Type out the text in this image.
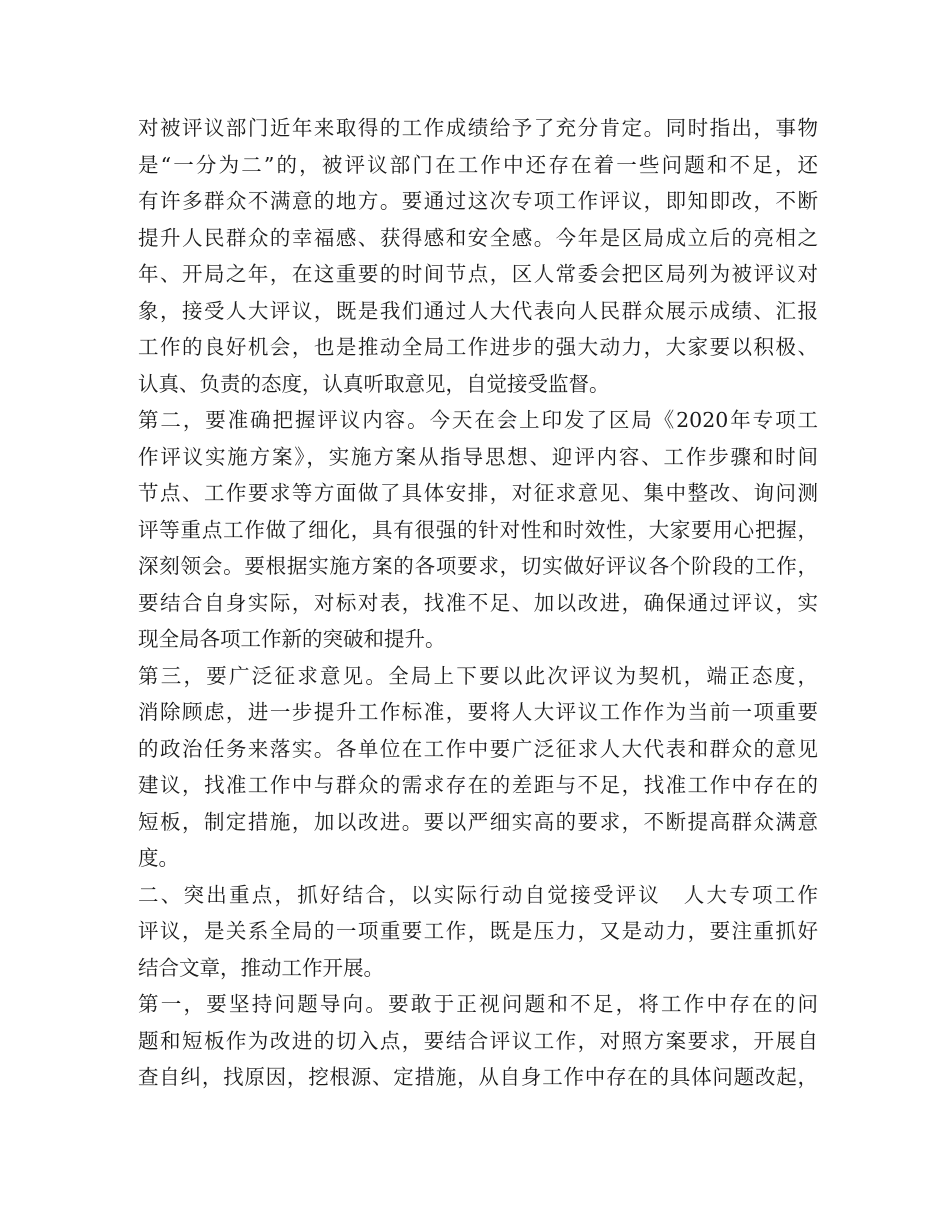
对被评议部门近年来取得的工作成绩给予了充分肯定。同时指出，事物

是“一分为二”的，被评议部门在工作中还存在着一些问题和不足，还

有许多群众不满意的地方。要通过这次专项工作评议，即知即改，不断

提升人民群众的幸福感、获得感和安全感。今年是区局成立后的亮相之

年、开局之年，在这重要的时间节点，区人常委会把区局列为被评议对

象，接受人大评议，既是我们通过人大代表向人民群众展示成绩、汇报

工作的良好机会，也是推动全局工作进步的强大动力，大家要以积极、

认真、负责的态度，认真听取意见，自觉接受监督。

第二，要准确把握评议内容。今天在会上印发了区局《2020年专项工

作评议实施方案》，实施方案从指导思想、迎评内容、工作步骤和时间

节点、工作要求等方面做了具体安排，对征求意见、集中整改、询问测

评等重点工作做了细化，具有很强的针对性和时效性，大家要用心把握，

深刻领会。要根据实施方案的各项要求，切实做好评议各个阶段的工作，

要结合自身实际，对标对表，找准不足、加以改进，确保通过评议，实

现全局各项工作新的突破和提升。

第三，要广泛征求意见。全局上下要以此次评议为契机，端正态度，

消除顾虑，进一步提升工作标准，要将人大评议工作作为当前一项重要

的政治任务来落实。各单位在工作中要广泛征求人大代表和群众的意见

建议，找准工作中与群众的需求存在的差距与不足，找准工作中存在的

短板，制定措施，加以改进。要以严细实高的要求，不断提高群众满意

度。

二、突出重点，抓好结合，以实际行动自觉接受评议　人大专项工作

评议，是关系全局的一项重要工作，既是压力，又是动力，要注重抓好

结合文章，推动工作开展。

第一，要坚持问题导向。要敢于正视问题和不足，将工作中存在的问

题和短板作为改进的切入点，要结合评议工作，对照方案要求，开展自

查自纠，找原因，挖根源、定措施，从自身工作中存在的具体问题改起，
